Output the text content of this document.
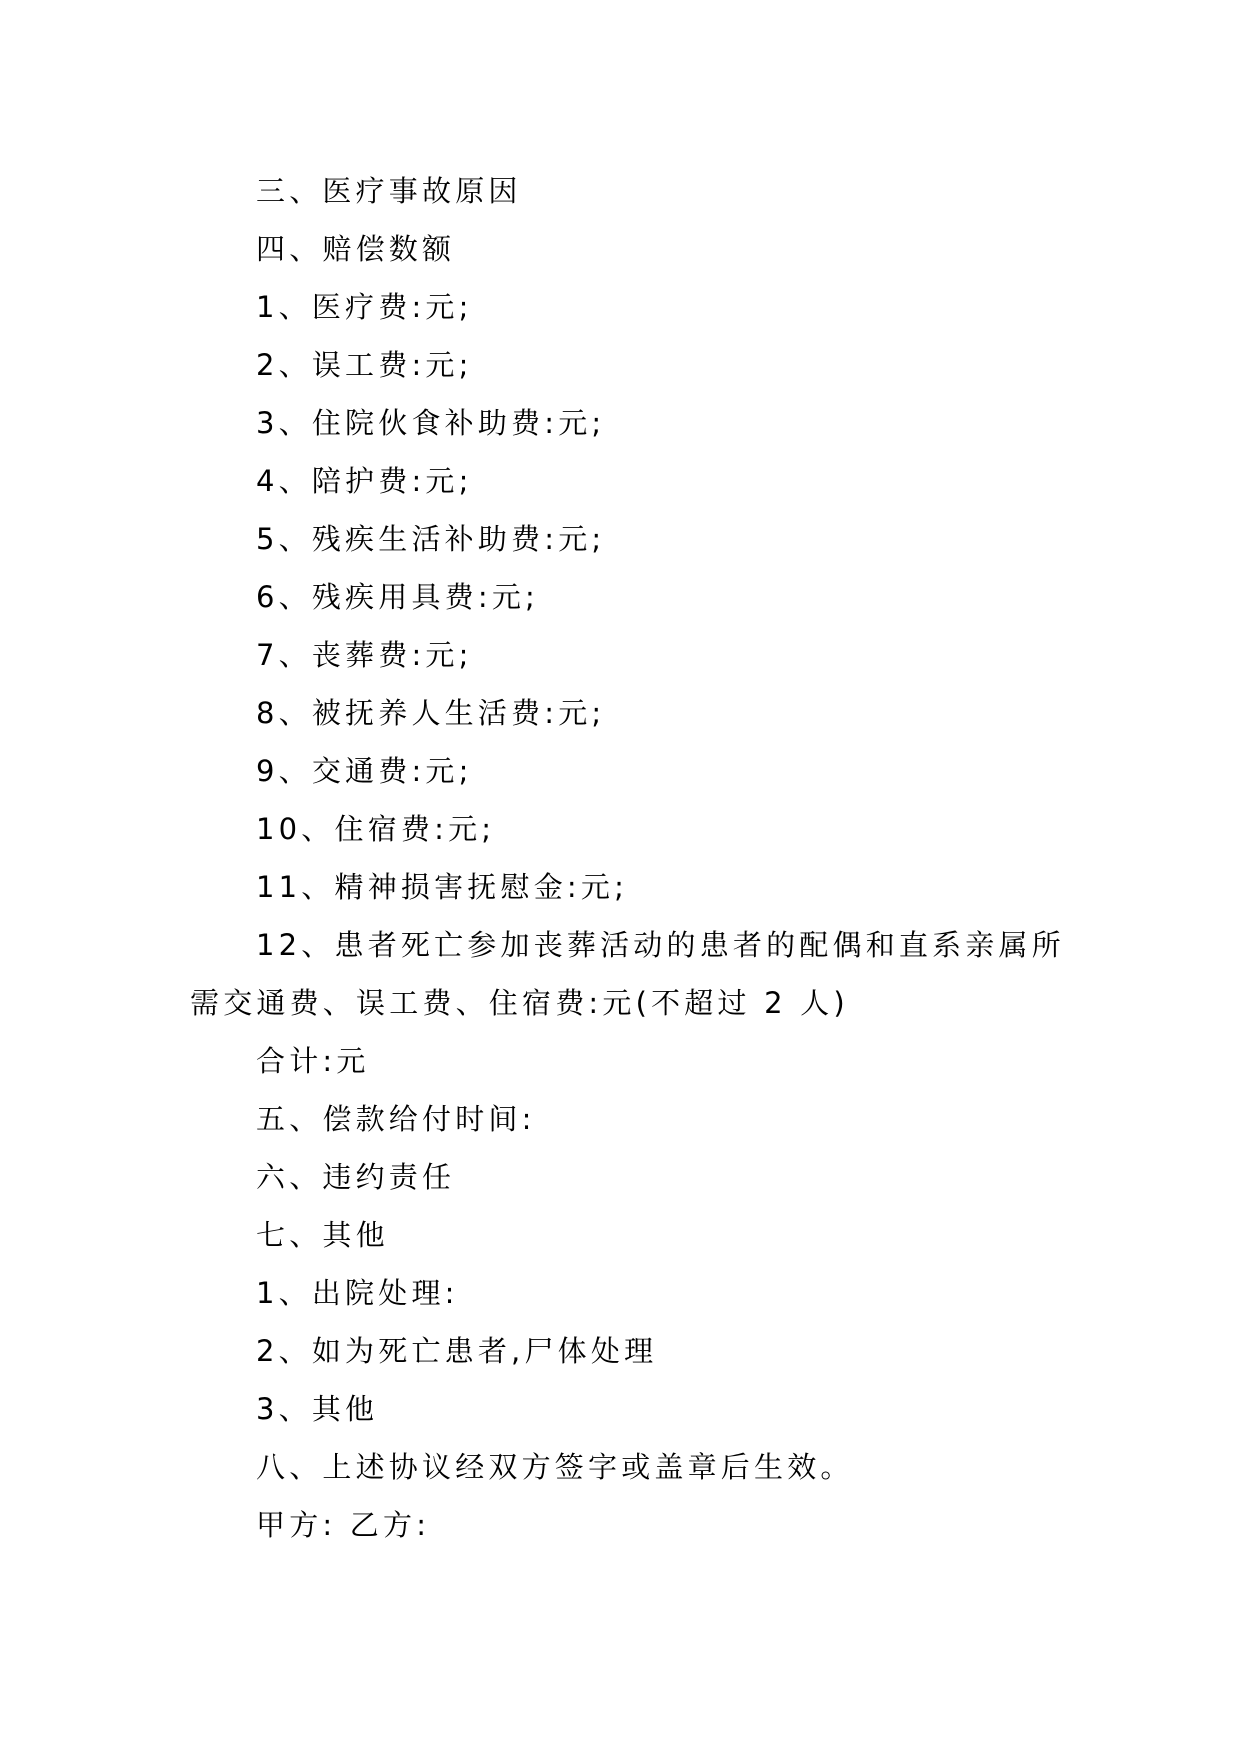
三、医疗事故原因
四、赔偿数额
1、医疗费:元;
2、误工费:元;
3、住院伙食补助费:元;
4、陪护费:元;
5、残疾生活补助费:元;
6、残疾用具费:元;
7、丧葬费:元;
8、被抚养人生活费:元;
9、交通费:元;
10、住宿费:元;
11、精神损害抚慰金:元;
12、患者死亡参加丧葬活动的患者的配偶和直系亲属所需交通费、误工费、住宿费:元(不超过 2 人)
合计:元
五、偿款给付时间:
六、违约责任
七、其他
1、出院处理:
2、如为死亡患者,尸体处理
3、其他
八、上述协议经双方签字或盖章后生效。
甲方: 乙方:
